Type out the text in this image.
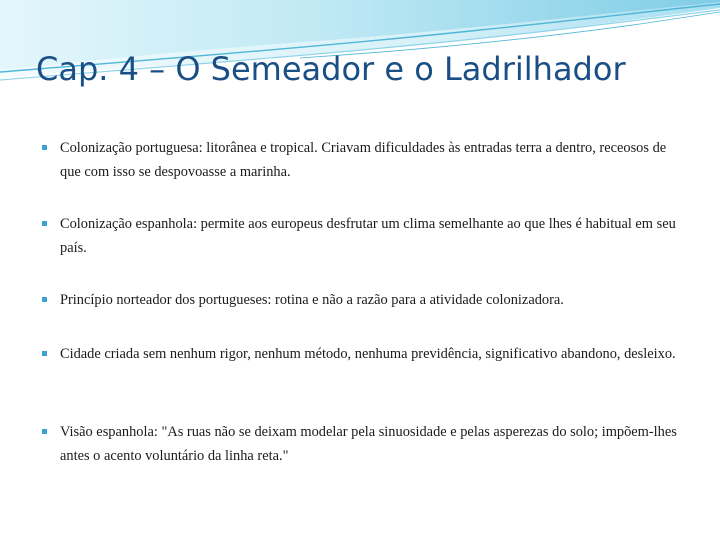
Cap. 4 – O Semeador e o Ladrilhador
Colonização portuguesa: litorânea e tropical. Criavam dificuldades às entradas terra a dentro, receosos de que com isso se despovoasse a marinha.
Colonização espanhola: permite aos europeus desfrutar um clima semelhante ao que lhes é habitual em seu país.
Princípio norteador dos portugueses: rotina e não a razão para a atividade colonizadora.
Cidade criada sem nenhum rigor, nenhum método, nenhuma previdência, significativo abandono, desleixo.
Visão espanhola: "As ruas não se deixam modelar pela sinuosidade e pelas asperezas do solo; impõem-lhes antes o acento voluntário da linha reta."
